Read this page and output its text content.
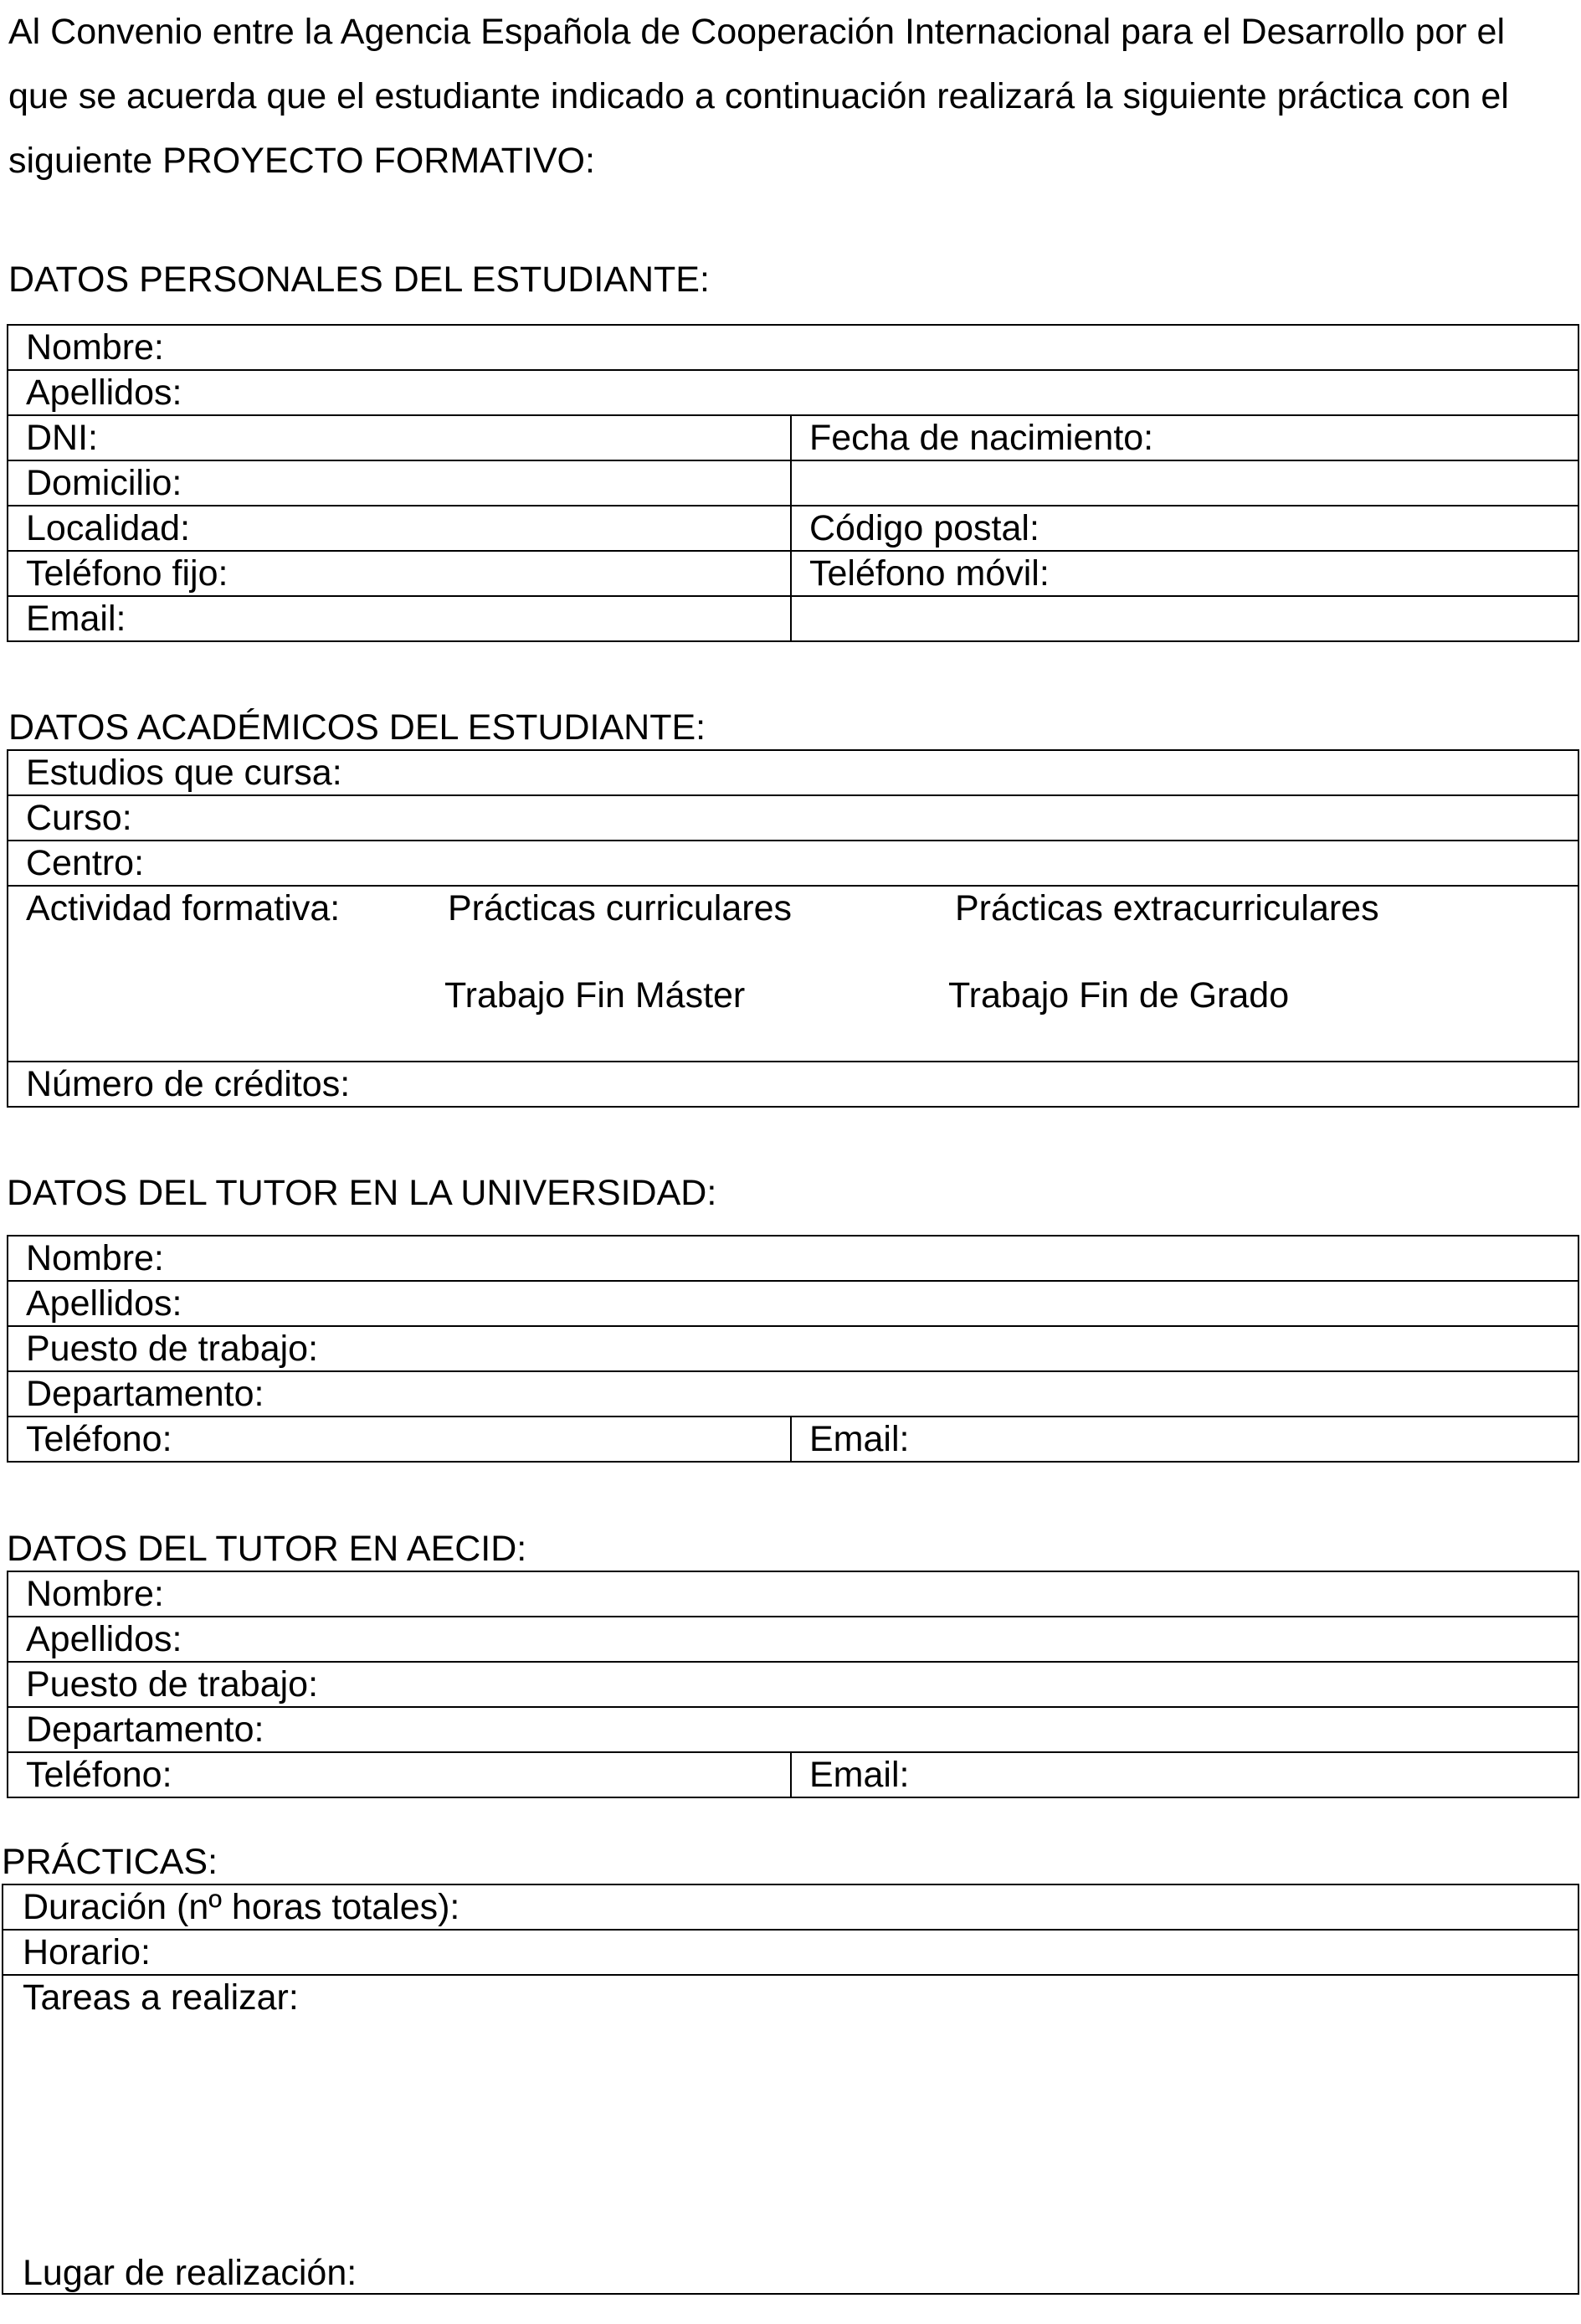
Al Convenio entre la Agencia Española de Cooperación Internacional para el Desarrollo por el que se acuerda que el estudiante indicado a continuación realizará la siguiente práctica con el siguiente PROYECTO FORMATIVO:

DATOS PERSONALES DEL ESTUDIANTE:

Nombre:	
Apellidos:	
DNI:	Fecha de nacimiento:
Domicilio:	
Localidad:	Código postal:
Teléfono fijo:	Teléfono móvil:
Email:	

DATOS ACADÉMICOS DEL ESTUDIANTE:

Estudios que cursa:
Curso:
Centro:

Actividad formativa:	Prácticas curriculares	Prácticas extracurriculares
Trabajo Fin Máster	Trabajo Fin de Grado

Número de créditos:

DATOS DEL TUTOR EN LA UNIVERSIDAD:

Nombre:
Apellidos:
Puesto de trabajo:
Departamento:
Teléfono:	Email:

DATOS DEL TUTOR EN AECID:

Nombre:
Apellidos:
Puesto de trabajo:
Departamento:
Teléfono:	Email:

PRÁCTICAS:

Duración (nº horas totales):
Horario:
Tareas a realizar:
Lugar de realización:
